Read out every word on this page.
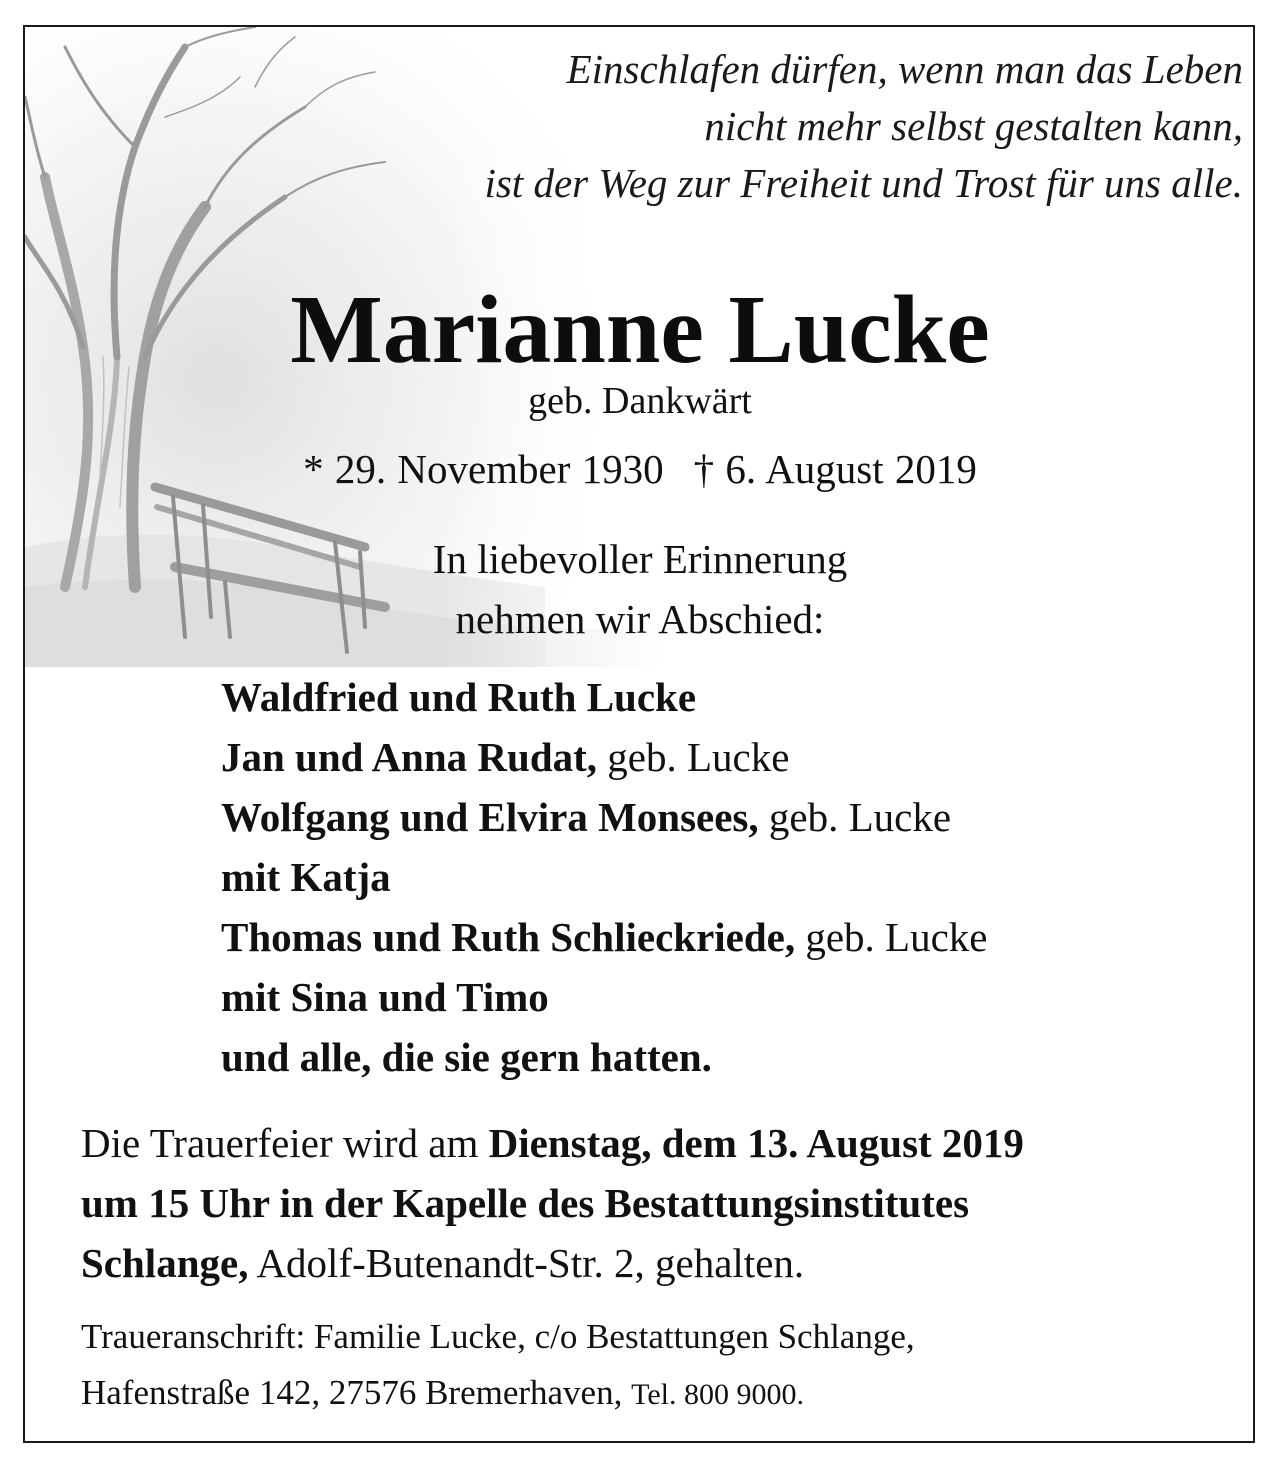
Einschlafen dürfen, wenn man das Leben
nicht mehr selbst gestalten kann,
ist der Weg zur Freiheit und Trost für uns alle.
Marianne Lucke
geb. Dankwärt
* 29. November 1930 † 6. August 2019
In liebevoller Erinnerung
nehmen wir Abschied:
Waldfried und Ruth Lucke
Jan und Anna Rudat, geb. Lucke
Wolfgang und Elvira Monsees, geb. Lucke
mit Katja
Thomas und Ruth Schlieckriede, geb. Lucke
mit Sina und Timo
und alle, die sie gern hatten.
Die Trauerfeier wird am Dienstag, dem 13. August 2019
um 15 Uhr in der Kapelle des Bestattungsinstitutes
Schlange, Adolf-Butenandt-Str. 2, gehalten.
Traueranschrift: Familie Lucke, c/o Bestattungen Schlange,
Hafenstraße 142, 27576 Bremerhaven, Tel. 800 9000.
